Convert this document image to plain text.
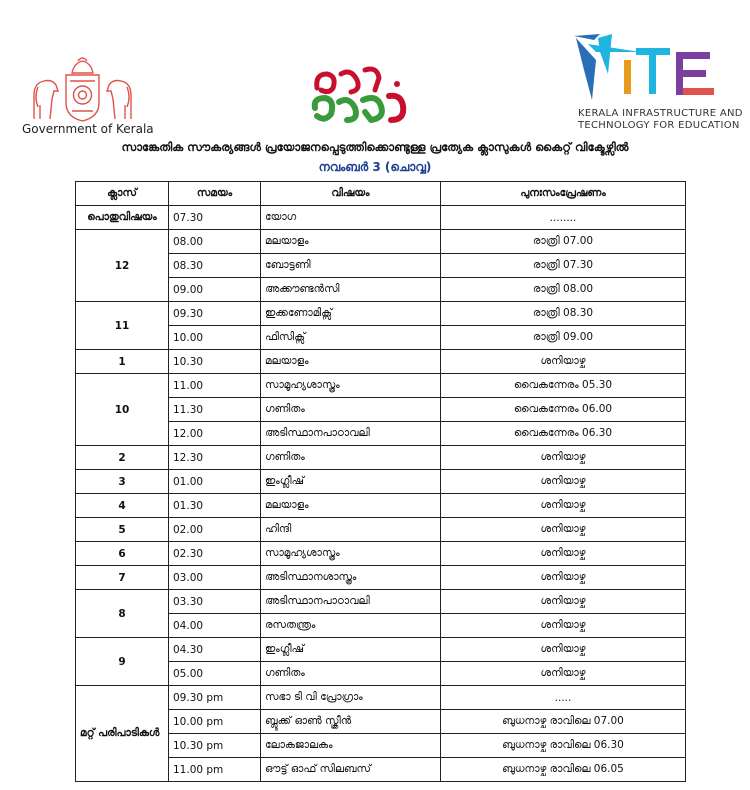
Government of Kerala
KERALA INFRASTRUCTURE AND
TECHNOLOGY FOR EDUCATION
സാങ്കേതിക സൗകര്യങ്ങൾ പ്രയോജനപ്പെടുത്തിക്കൊണ്ടുള്ള പ്രത്യേക ക്ലാസുകൾ കൈറ്റ് വിക്ടേഴ്സിൽ
നവംബർ 3 (ചൊവ്വ)
ക്ലാസ്	സമയം	വിഷയം	പുനഃസംപ്രേഷണം
പൊതുവിഷയം	07.30	യോഗ	........
12	08.00	മലയാളം	രാത്രി 07.00
	08.30	ബോട്ടണി	രാത്രി 07.30
	09.00	അക്കൗണ്ടൻസി	രാത്രി 08.00
11	09.30	ഇക്കണോമിക്സ്	രാത്രി 08.30
	10.00	ഫിസിക്സ്	രാത്രി 09.00
1	10.30	മലയാളം	ശനിയാഴ്ച
10	11.00	സാമൂഹ്യശാസ്ത്രം	വൈകന്നേരം 05.30
	11.30	ഗണിതം	വൈകന്നേരം 06.00
	12.00	അടിസ്ഥാനപാഠാവലി	വൈകന്നേരം 06.30
2	12.30	ഗണിതം	ശനിയാഴ്ച
3	01.00	ഇംഗ്ലീഷ്	ശനിയാഴ്ച
4	01.30	മലയാളം	ശനിയാഴ്ച
5	02.00	ഹിന്ദി	ശനിയാഴ്ച
6	02.30	സാമൂഹ്യശാസ്ത്രം	ശനിയാഴ്ച
7	03.00	അടിസ്ഥാനശാസ്ത്രം	ശനിയാഴ്ച
8	03.30	അടിസ്ഥാനപാഠാവലി	ശനിയാഴ്ച
	04.00	രസതന്ത്രം	ശനിയാഴ്ച
9	04.30	ഇംഗ്ലീഷ്	ശനിയാഴ്ച
	05.00	ഗണിതം	ശനിയാഴ്ച
മറ്റ് പരിപാടികൾ	09.30 pm	സഭാ ടി വി പ്രോഗ്രാം	.....
	10.00 pm	ബ്ലൂക്ക് ഓൺ സ്ക്രീൻ	ബുധനാഴ്ച രാവിലെ 07.00
	10.30 pm	ലോകജാലകം	ബുധനാഴ്ച രാവിലെ 06.30
	11.00 pm	ഔട്ട് ഓഫ് സിലബസ്	ബുധനാഴ്ച രാവിലെ 06.05
